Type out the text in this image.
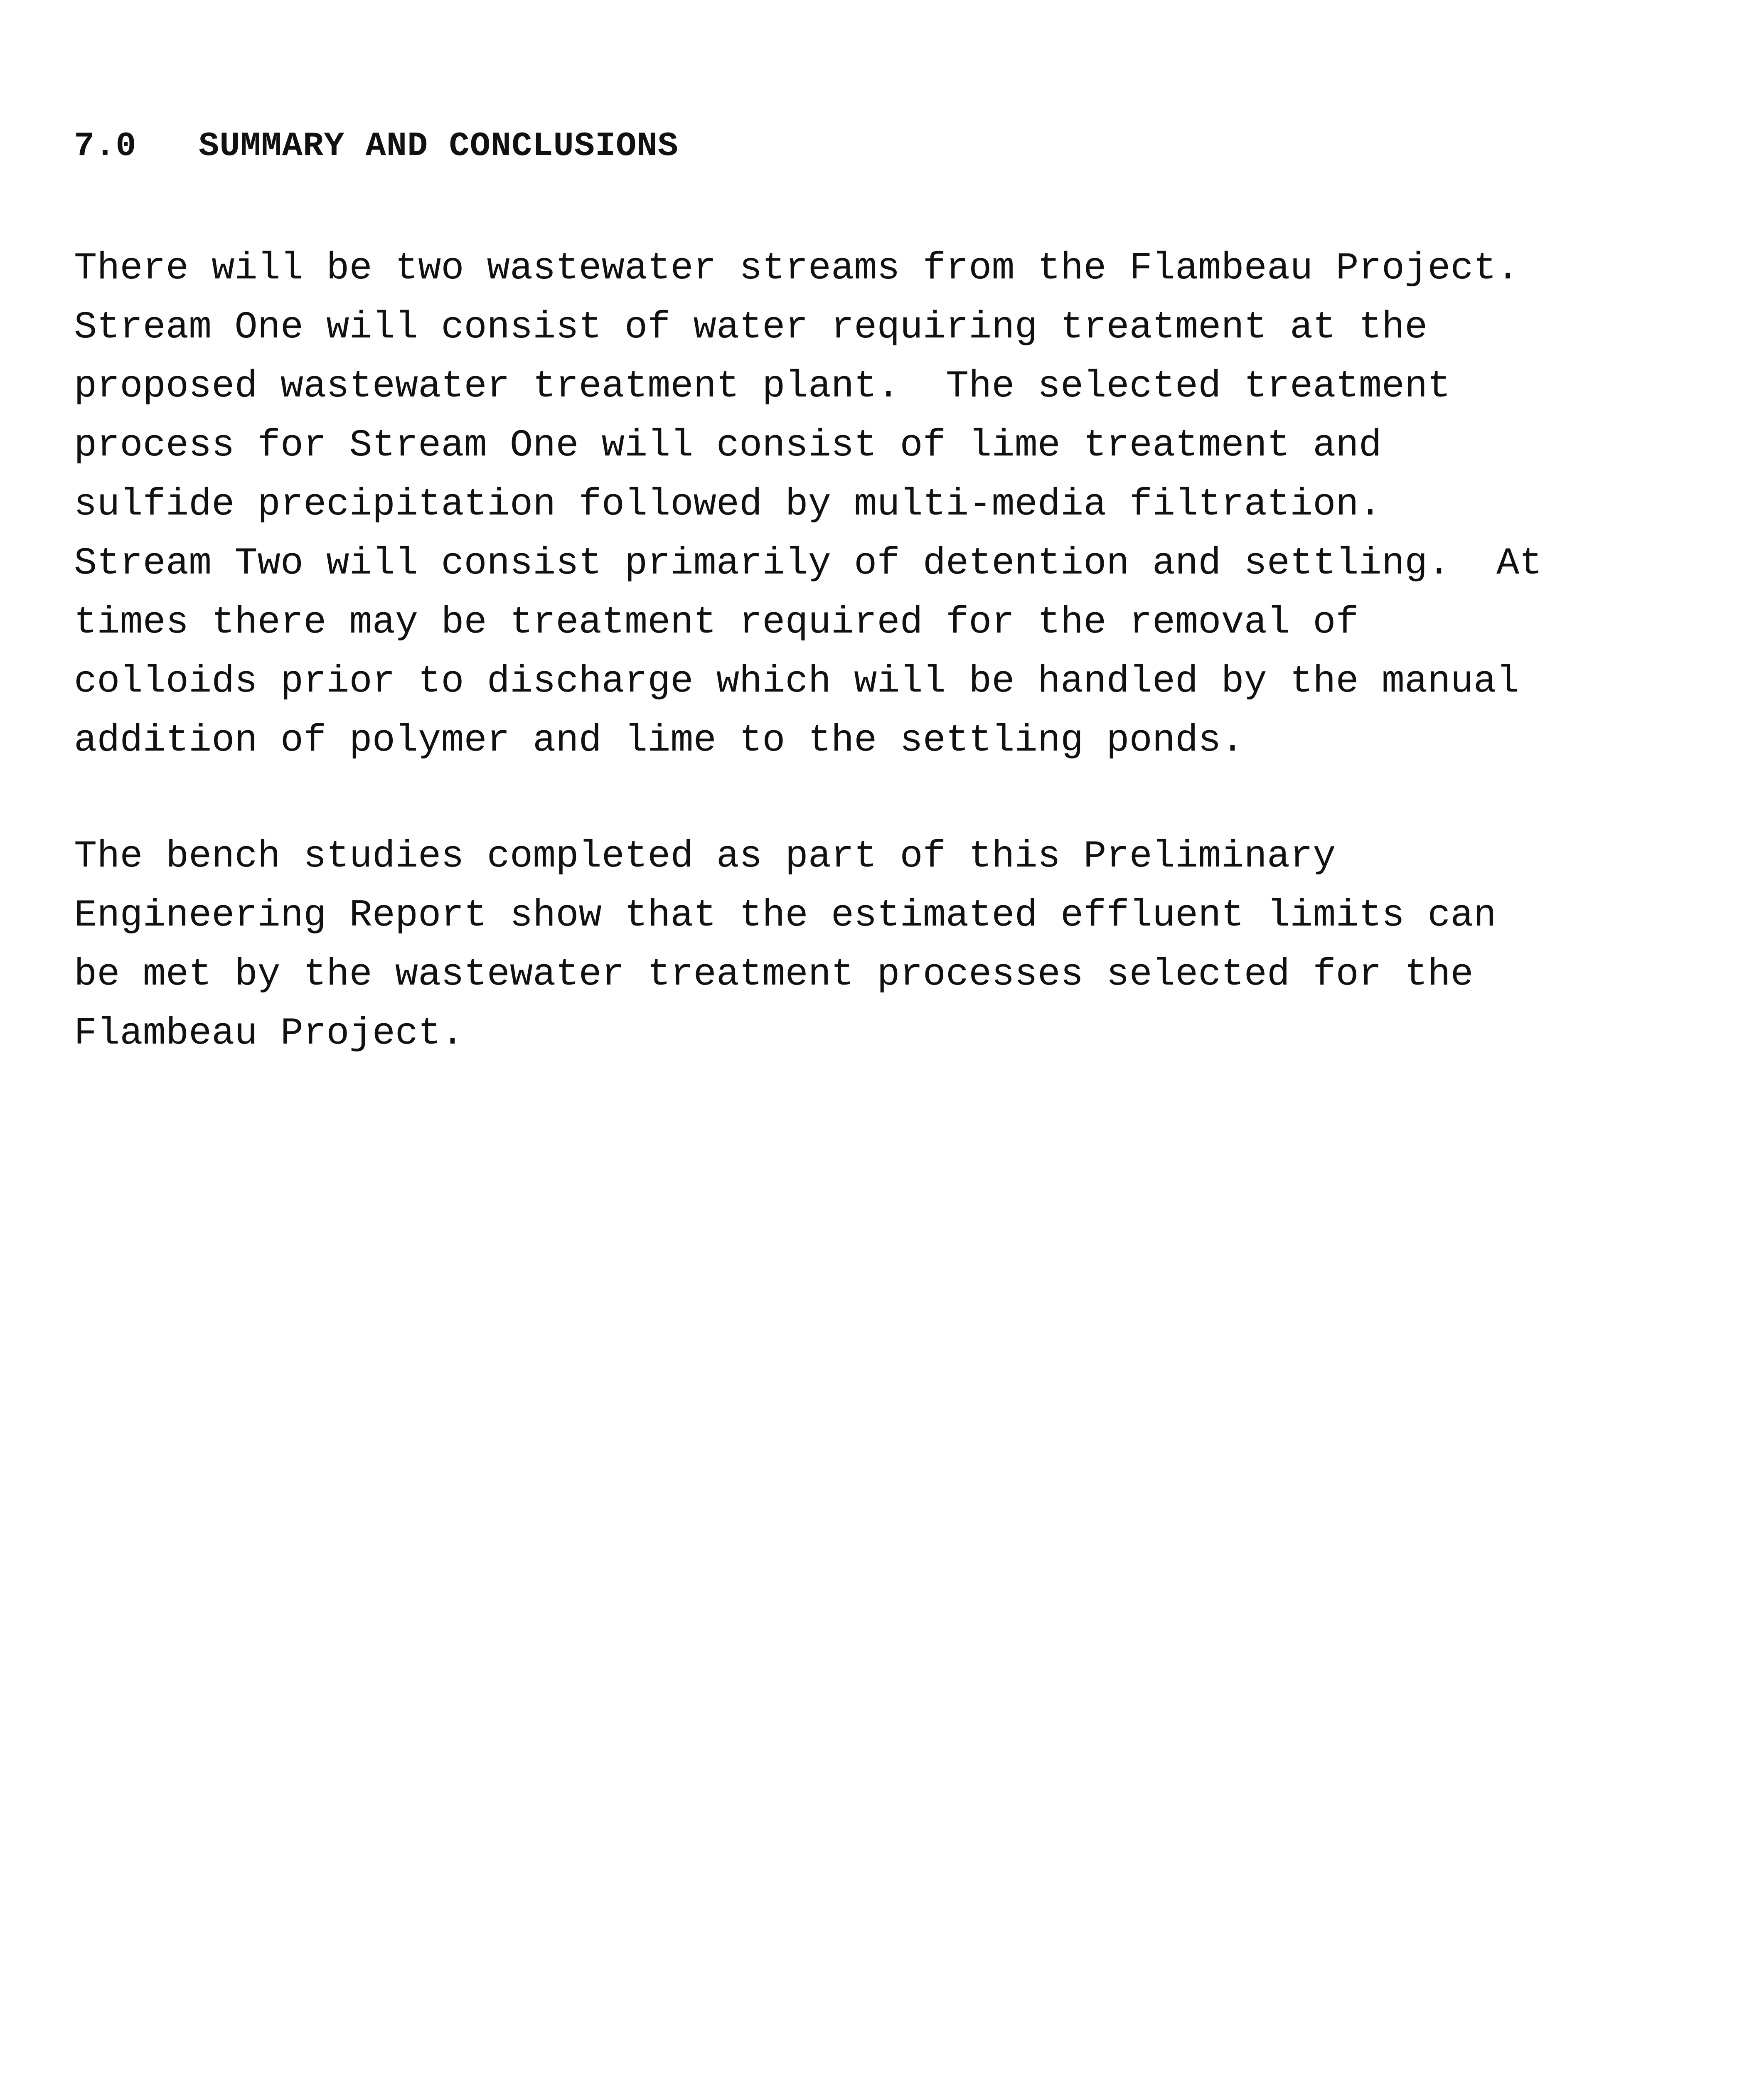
7.0 SUMMARY AND CONCLUSIONS
There will be two wastewater streams from the Flambeau Project.
Stream One will consist of water requiring treatment at the
proposed wastewater treatment plant.  The selected treatment
process for Stream One will consist of lime treatment and
sulfide precipitation followed by multi-media filtration.
Stream Two will consist primarily of detention and settling.  At
times there may be treatment required for the removal of
colloids prior to discharge which will be handled by the manual
addition of polymer and lime to the settling ponds.
The bench studies completed as part of this Preliminary
Engineering Report show that the estimated effluent limits can
be met by the wastewater treatment processes selected for the
Flambeau Project.
